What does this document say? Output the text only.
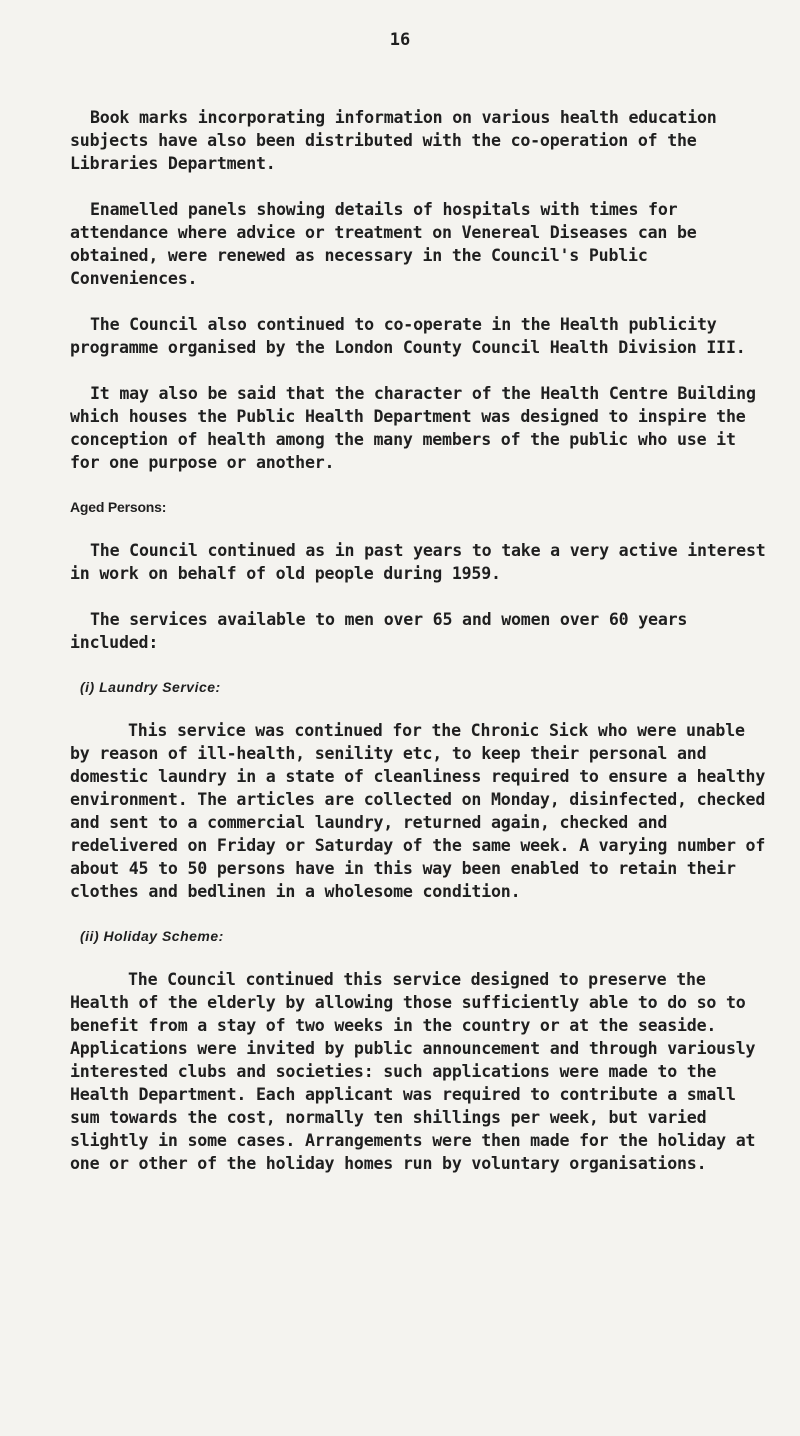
16

Book marks incorporating information on various health education subjects have also been distributed with the co-operation of the Libraries Department.

Enamelled panels showing details of hospitals with times for attendance where advice or treatment on Venereal Diseases can be obtained, were renewed as necessary in the Council's Public Conveniences.

The Council also continued to co-operate in the Health publicity programme organised by the London County Council Health Division III.

It may also be said that the character of the Health Centre Building which houses the Public Health Department was designed to inspire the conception of health among the many members of the public who use it for one purpose or another.

Aged Persons:

The Council continued as in past years to take a very active interest in work on behalf of old people during 1959.

The services available to men over 65 and women over 60 years included:

(i) Laundry Service:

This service was continued for the Chronic Sick who were unable by reason of ill-health, senility etc, to keep their personal and domestic laundry in a state of cleanliness required to ensure a healthy environment. The articles are collected on Monday, disinfected, checked and sent to a commercial laundry, returned again, checked and redelivered on Friday or Saturday of the same week. A varying number of about 45 to 50 persons have in this way been enabled to retain their clothes and bedlinen in a wholesome condition.

(ii) Holiday Scheme:

The Council continued this service designed to preserve the Health of the elderly by allowing those sufficiently able to do so to benefit from a stay of two weeks in the country or at the seaside. Applications were invited by public announcement and through variously interested clubs and societies: such applications were made to the Health Department. Each applicant was required to contribute a small sum towards the cost, normally ten shillings per week, but varied slightly in some cases. Arrangements were then made for the holiday at one or other of the holiday homes run by voluntary organisations.
